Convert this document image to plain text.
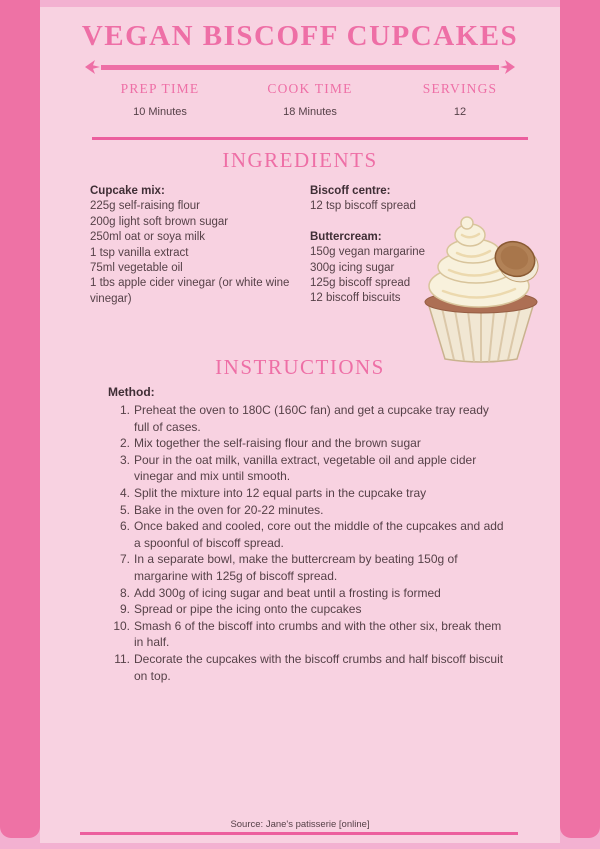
VEGAN BISCOFF CUPCAKES
PREP TIME
10 Minutes
COOK TIME
18 Minutes
SERVINGS
12
INGREDIENTS
Cupcake mix:
225g self-raising flour
200g light soft brown sugar
250ml oat or soya milk
1 tsp vanilla extract
75ml vegetable oil
1 tbs apple cider vinegar (or white wine vinegar)
Biscoff centre:
12 tsp biscoff spread
Buttercream:
150g vegan margarine
300g icing sugar
125g biscoff spread
12 biscoff biscuits
INSTRUCTIONS
Method:
1. Preheat the oven to 180C (160C fan) and get a cupcake tray ready full of cases.
2. Mix together the self-raising flour and the brown sugar
3. Pour in the oat milk, vanilla extract, vegetable oil and apple cider vinegar and mix until smooth.
4. Split the mixture into 12 equal parts in the cupcake tray
5. Bake in the oven for 20-22 minutes.
6. Once baked and cooled, core out the middle of the cupcakes and add a spoonful of biscoff spread.
7. In a separate bowl, make the buttercream by beating 150g of margarine with 125g of biscoff spread.
8. Add 300g of icing sugar and beat until a frosting is formed
9. Spread or pipe the icing onto the cupcakes
10. Smash 6 of the biscoff into crumbs and with the other six, break them in half.
11. Decorate the cupcakes with the biscoff crumbs and half biscoff biscuit on top.
Source: Jane's patisserie [online]
